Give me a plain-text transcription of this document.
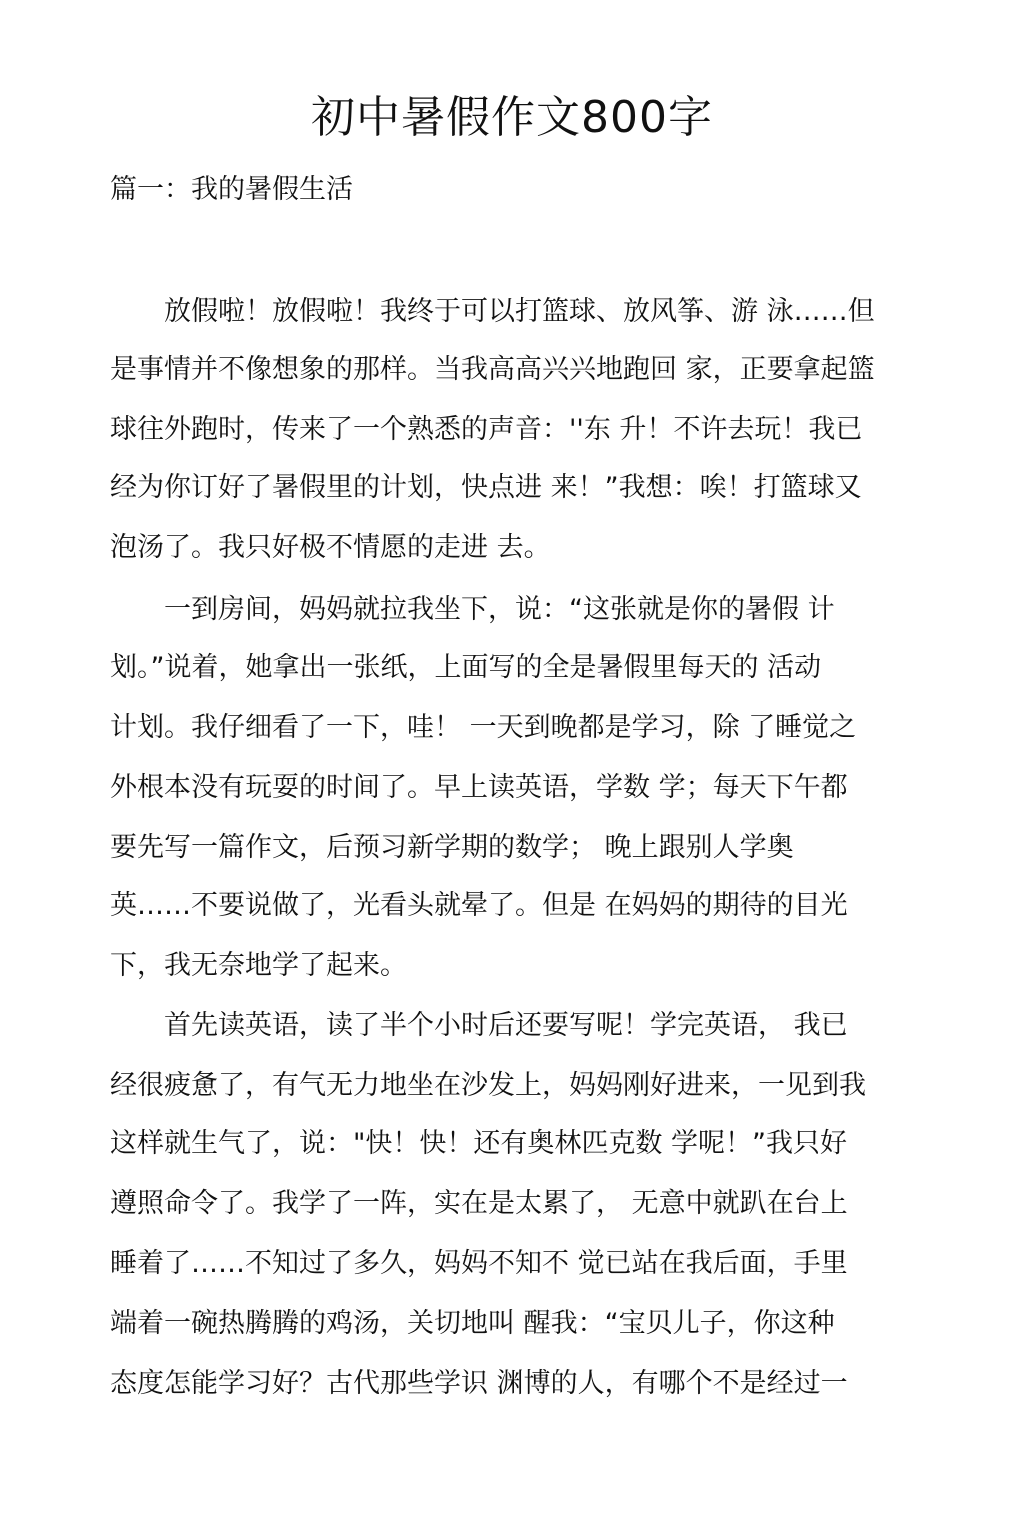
初中暑假作文800字
篇一：我的暑假生活
　　放假啦！放假啦！我终于可以打篮球、放风筝、游 泳……但
是事情并不像想象的那样。当我高高兴兴地跑回 家，正要拿起篮
球往外跑时，传来了一个熟悉的声音：''东 升！不许去玩！我已
经为你订好了暑假里的计划，快点进 来！”我想：唉！打篮球又
泡汤了。我只好极不情愿的走进 去。
　　一到房间，妈妈就拉我坐下，说：“这张就是你的暑假 计
划。”说着，她拿出一张纸，上面写的全是暑假里每天的 活动
计划。我仔细看了一下，哇！ 一天到晚都是学习，除 了睡觉之
外根本没有玩耍的时间了。早上读英语，学数 学；每天下午都
要先写一篇作文，后预习新学期的数学； 晚上跟别人学奥
英……不要说做了，光看头就晕了。但是 在妈妈的期待的目光
下，我无奈地学了起来。
　　首先读英语，读了半个小时后还要写呢！学完英语， 我已
经很疲惫了，有气无力地坐在沙发上，妈妈刚好进来，一见到我
这样就生气了，说："快！快！还有奥林匹克数 学呢！”我只好
遵照命令了。我学了一阵，实在是太累了， 无意中就趴在台上
睡着了……不知过了多久，妈妈不知不 觉已站在我后面，手里
端着一碗热腾腾的鸡汤，关切地叫 醒我：“宝贝儿子，你这种
态度怎能学习好？古代那些学识 渊博的人，有哪个不是经过一
